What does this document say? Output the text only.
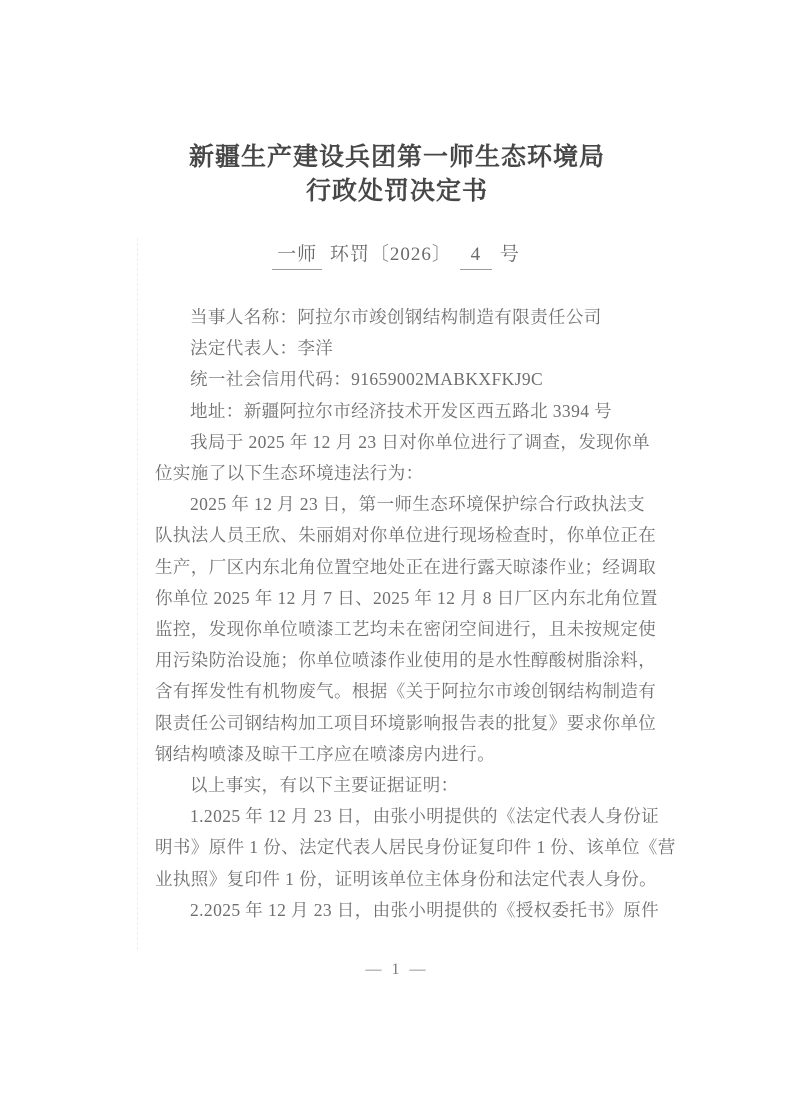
新疆生产建设兵团第一师生态环境局

行政处罚决定书

一师 环罚〔2026〕 4 号
当事人名称：阿拉尔市竣创钢结构制造有限责任公司
法定代表人：李洋
统一社会信用代码：91659002MABKXFKJ9C
地址：新疆阿拉尔市经济技术开发区西五路北 3394 号
我局于 2025 年 12 月 23 日对你单位进行了调查，发现你单
位实施了以下生态环境违法行为：
2025 年 12 月 23 日，第一师生态环境保护综合行政执法支
队执法人员王欣、朱丽娟对你单位进行现场检查时，你单位正在
生产，厂区内东北角位置空地处正在进行露天晾漆作业；经调取
你单位 2025 年 12 月 7 日、2025 年 12 月 8 日厂区内东北角位置
监控，发现你单位喷漆工艺均未在密闭空间进行，且未按规定使
用污染防治设施；你单位喷漆作业使用的是水性醇酸树脂涂料，
含有挥发性有机物废气。根据《关于阿拉尔市竣创钢结构制造有
限责任公司钢结构加工项目环境影响报告表的批复》要求你单位
钢结构喷漆及晾干工序应在喷漆房内进行。
以上事实，有以下主要证据证明：
1.2025 年 12 月 23 日，由张小明提供的《法定代表人身份证
明书》原件 1 份、法定代表人居民身份证复印件 1 份、该单位《营
业执照》复印件 1 份，证明该单位主体身份和法定代表人身份。
2.2025 年 12 月 23 日，由张小明提供的《授权委托书》原件
— 1 —
